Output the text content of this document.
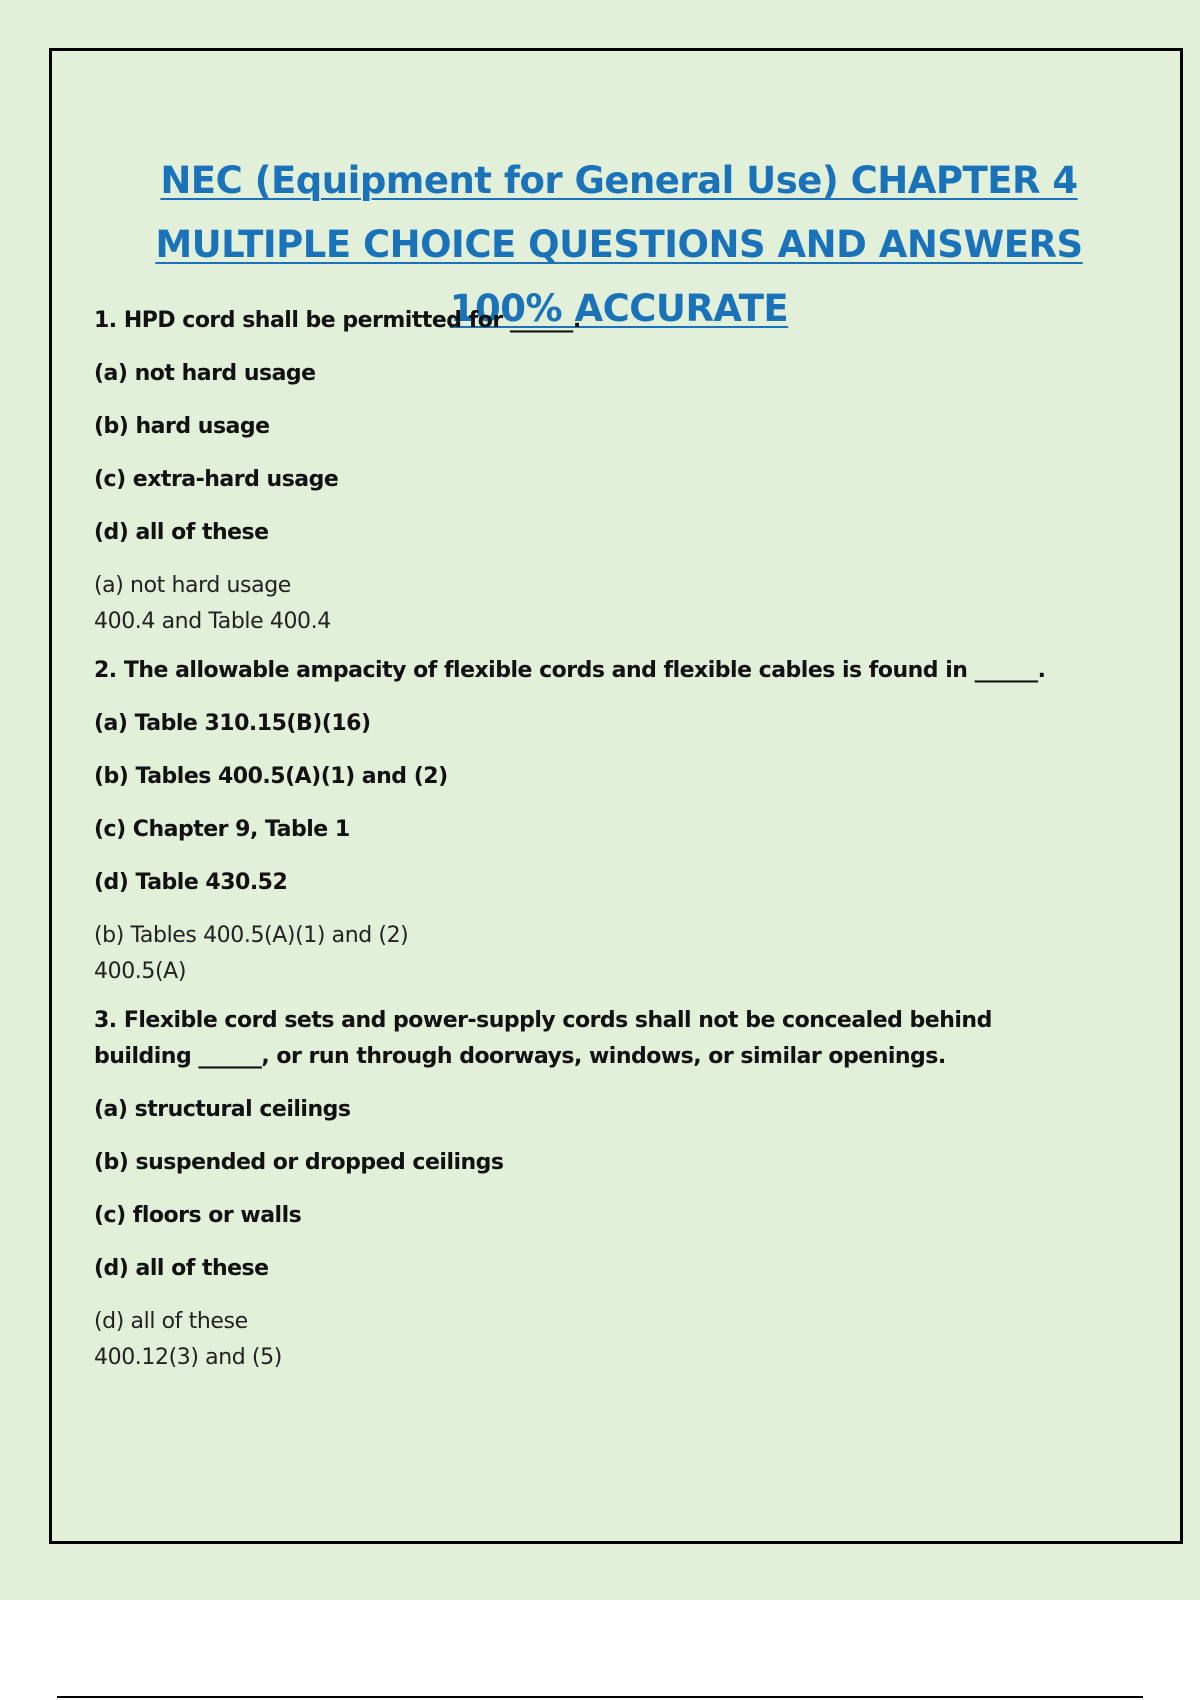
NEC (Equipment for General Use) CHAPTER 4
MULTIPLE CHOICE QUESTIONS AND ANSWERS
100% ACCURATE
1. HPD cord shall be permitted for ______.
(a) not hard usage
(b) hard usage
(c) extra-hard usage
(d) all of these
(a) not hard usage
400.4 and Table 400.4
2. The allowable ampacity of flexible cords and flexible cables is found in ______.
(a) Table 310.15(B)(16)
(b) Tables 400.5(A)(1) and (2)
(c) Chapter 9, Table 1
(d) Table 430.52
(b) Tables 400.5(A)(1) and (2)
400.5(A)
3. Flexible cord sets and power-supply cords shall not be concealed behind
building ______, or run through doorways, windows, or similar openings.
(a) structural ceilings
(b) suspended or dropped ceilings
(c) floors or walls
(d) all of these
(d) all of these
400.12(3) and (5)
